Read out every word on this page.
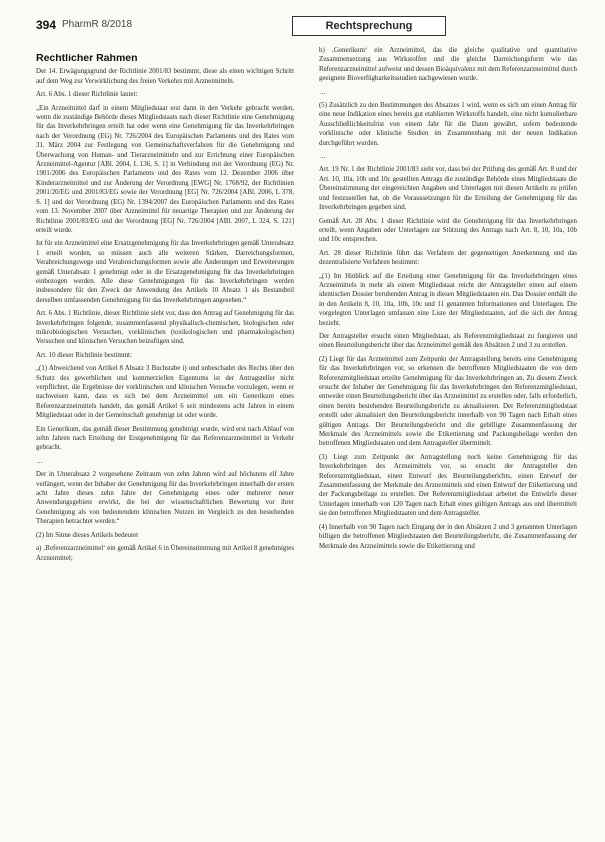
394 PharmR 8/2018	Rechtsprechung
Rechtlicher Rahmen

Der 14. Erwägungsgrund der Richtlinie 2001/83 bestimmt, diese als einen wichtigen Schritt auf dem Weg zur Verwirklichung des freien Verkehrs mit Arzneimitteln.

Art. 6 Abs. 1 dieser Richtlinie lautet:

„Ein Arzneimittel darf in einem Mitgliedstaat erst dann in den Verkehr gebracht werden, wenn die zuständige Behörde dieses Mitgliedstaats nach dieser Richtlinie eine Genehmigung für das Inverkehrbringen erteilt hat oder wenn eine Genehmigung für das Inverkehrbringen nach der Verordnung (EG) Nr. 726/2004 des Europäischen Parlaments und des Rates vom 31. März 2004 zur Festlegung von Gemeinschaftsverfahren für die Genehmigung und Überwachung von Human- und Tierarzneimitteln und zur Errichtung einer Europäischen Arzneimittel-Agentur [ABl. 2004, L 136, S. 1] in Verbindung mit der Verordnung (EG) Nr. 1901/2006 des Europäischen Parlaments und des Rates vom 12. Dezember 2006 über Kinderarzneimittel und zur Änderung der Verordnung [EWG] Nr. 1768/92, der Richtlinien 2001/20/EG und 2001/83/EG sowie der Verordnung [EG] Nr. 726/2004 [ABl. 2006, L 378, S. 1] und der Verordnung (EG) Nr. 1394/2007 des Europäischen Parlaments und des Rates vom 13. November 2007 über Arzneimittel für neuartige Therapien und zur Änderung der Richtlinie 2001/83/EG und der Verordnung [EG] Nr. 726/2004 [ABl. 2007, L 324, S. 121] erteilt wurde.

Ist für ein Arzneimittel eine Ersatzgenehmigung für das Inverkehrbringen gemäß Unterabsatz 1 erteilt worden, so müssen auch alle weiteren Stärken, Darreichungsformen, Verabreichungswege und Verabreichungsformen sowie alle Änderungen und Erweiterungen gemäß Unterabsatz 1 genehmigt oder in die Ersatzgenehmigung für das Inverkehrbringen einbezogen werden. Alle diese Genehmigungen für das Inverkehrbringen werden insbesondere für den Zweck der Anwendung des Artikels 10 Absatz 1 als Bestandteil derselben umfassenden Genehmigung für das Inverkehrbringen angesehen.“

Art. 6 Abs. 1 Richtlinie, dieser Richtlinie sieht vor, dass den Antrag auf Genehmigung für das Inverkehrbringen folgende, zusammenfassend physikalisch-chemischen, biologischen oder mikrobiologischen Versuchen, vorklinischen (toxikologischen und pharmakologischen) Versuchen und klinischen Versuchen beizufügen sind.

Art. 10 dieser Richtlinie bestimmt:

„(1) Abweichend von Artikel 8 Absatz 3 Buchstabe i) und unbeschadet des Rechts über den Schutz des gewerblichen und kommerziellen Eigentums ist der Antragsteller nicht verpflichtet, die Ergebnisse der vorklinischen und klinischen Versuche vorzulegen, wenn er nachweisen kann, dass es sich bei dem Arzneimittel um ein Generikum eines Referenzarzneimittels handelt, das gemäß Artikel 6 seit mindestens acht Jahren in einem Mitgliedstaat oder in der Gemeinschaft genehmigt ist oder wurde.

Ein Generikum, das gemäß dieser Bestimmung genehmigt wurde, wird erst nach Ablauf von zehn Jahren nach Erteilung der Erstgenehmigung für das Referenzarzneimittel in Verkehr gebracht.

…

Der in Unterabsatz 2 vorgesehene Zeitraum von zehn Jahren wird auf höchstens elf Jahre verlängert, wenn der Inhaber der Genehmigung für das Inverkehrbringen innerhalb der ersten acht Jahre dieses zehn Jahre der Genehmigung eines oder mehrerer neuer Anwendungsgebiete erwirkt, die bei der wissenschaftlichen Bewertung vor ihrer Genehmigung als von bedeutendem klinischen Nutzen im Vergleich zu den bestehenden Therapien betrachtet werden.“

(2) Im Sinne dieses Artikels bedeutet

a) ‚Referenzarzneimittel‘ ein gemäß Artikel 6 in Übereinstimmung mit Artikel 8 genehmigtes Arzneimittel;

b) ‚Generikum‘ ein Arzneimittel, das die gleiche qualitative und quantitative Zusammensetzung aus Wirkstoffen und die gleiche Darreichungsform wie das Referenzarzneimittel aufweist und dessen Bioäquivalenz mit dem Referenzarzneimittel durch geeignete Bioverfügbarkeitsstudien nachgewiesen wurde.

…

(5) Zusätzlich zu den Bestimmungen des Absatzes 1 wird, wenn es sich um einen Antrag für eine neue Indikation eines bereits gut etablierten Wirkstoffs handelt, eine nicht kumulierbare Ausschließlichkeitsfrist von einem Jahr für die Daten gewährt, sofern bedeutende vorklinische oder klinische Studien im Zusammenhang mit der neuen Indikation durchgeführt wurden.

…

Art. 19 Nr. 1 der Richtlinie 2001/83 sieht vor, dass bei der Prüfung des gemäß Art. 8 und der Art. 10, 10a, 10b und 10c gestellten Antrags die zuständige Behörde eines Mitgliedstaats die Übereinstimmung der eingereichten Angaben und Unterlagen mit diesen Artikeln zu prüfen und festzustellen hat, ob die Voraussetzungen für die Erteilung der Genehmigung für das Inverkehrbringen gegeben sind.

Gemäß Art. 28 Abs. 1 dieser Richtlinie wird die Genehmigung für das Inverkehrbringen erteilt, wenn Angaben oder Unterlagen zur Stützung des Antrags nach Art. 8, 10, 10a, 10b und 10c entsprechen.

Art. 28 dieser Richtlinie führt das Verfahren der gegenseitigen Anerkennung und das dezentralisierte Verfahren bestimmt:

„(1) Im Hinblick auf die Erteilung einer Genehmigung für das Inverkehrbringen eines Arzneimittels in mehr als einem Mitgliedstaat reicht der Antragsteller einen auf einem identischen Dossier beruhenden Antrag in diesen Mitgliedstaaten ein. Das Dossier enthält die in den Artikeln 8, 10, 10a, 10b, 10c und 11 genannten Informationen und Unterlagen. Die vorgelegten Unterlagen umfassen eine Liste der Mitgliedstaaten, auf die sich der Antrag bezieht.

Der Antragsteller ersucht einen Mitgliedstaat, als Referenzmitgliedstaat zu fungieren und einen Beurteilungsbericht über das Arzneimittel gemäß den Absätzen 2 und 3 zu erstellen.

(2) Liegt für das Arzneimittel zum Zeitpunkt der Antragstellung bereits eine Genehmigung für das Inverkehrbringen vor, so erkennen die betroffenen Mitgliedstaaten die von dem Referenzmitgliedstaat erteilte Genehmigung für das Inverkehrbringen an. Zu diesem Zweck ersucht der Inhaber der Genehmigung für das Inverkehrbringen den Referenzmitgliedstaat, entweder einen Beurteilungsbericht über das Arzneimittel zu erstellen oder, falls erforderlich, einen bereits bestehenden Beurteilungsbericht zu aktualisieren. Der Referenzmitgliedstaat erstellt oder aktualisiert den Beurteilungsbericht innerhalb von 90 Tagen nach Erhalt eines gültigen Antrags. Der Beurteilungsbericht und die gebilligte Zusammenfassung der Merkmale des Arzneimittels sowie die Etikettierung und Packungsbeilage werden den betroffenen Mitgliedstaaten und dem Antragsteller übermittelt.

(3) Liegt zum Zeitpunkt der Antragstellung noch keine Genehmigung für das Inverkehrbringen des Arzneimittels vor, so ersucht der Antragsteller den Referenzmitgliedstaat, einen Entwurf des Beurteilungsberichts, einen Entwurf der Zusammenfassung der Merkmale des Arzneimittels und einen Entwurf der Etikettierung und der Packungsbeilage zu erstellen. Der Referenzmitgliedstaat arbeitet die Entwürfe dieser Unterlagen innerhalb von 120 Tagen nach Erhalt eines gültigen Antrags aus und übermittelt sie den betroffenen Mitgliedstaaten und dem Antragsteller.

(4) Innerhalb von 90 Tagen nach Eingang der in den Absätzen 2 und 3 genannten Unterlagen billigen die betroffenen Mitgliedstaaten den Beurteilungsbericht, die Zusammenfassung der Merkmale des Arzneimittels sowie die Etikettierung und
